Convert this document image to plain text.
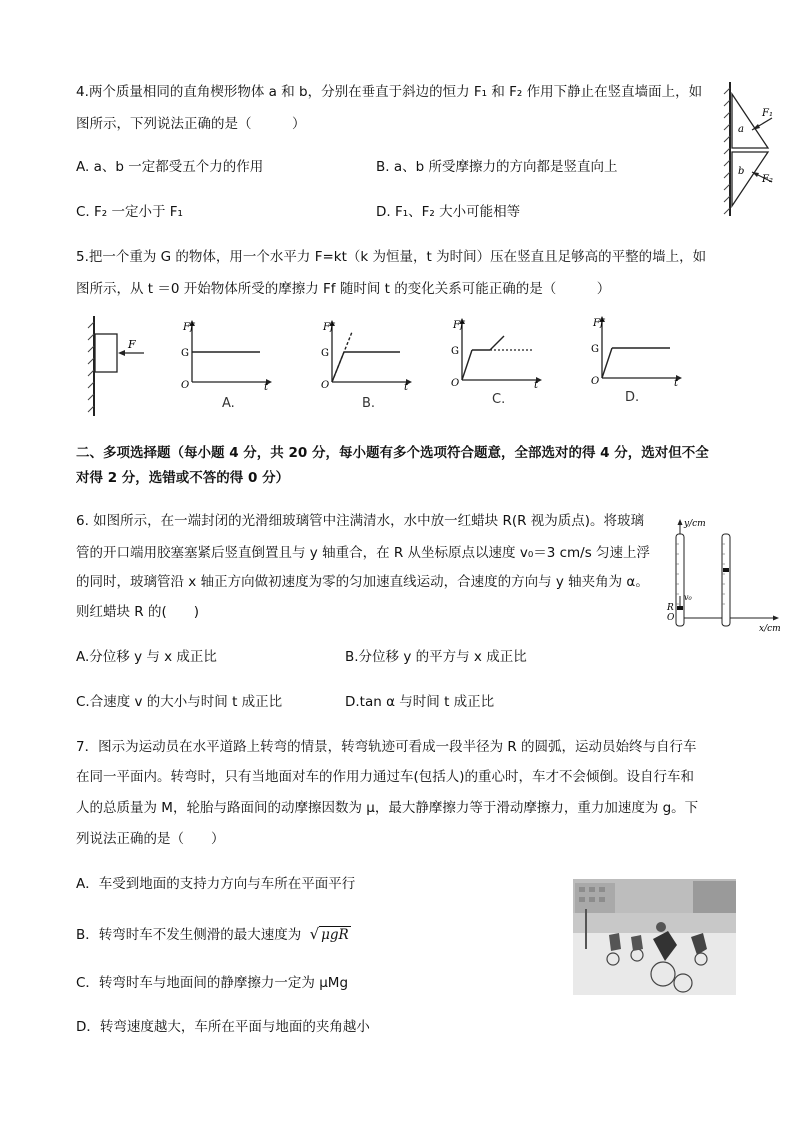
4.两个质量相同的直角楔形物体 a 和 b，分别在垂直于斜边的恒力 F₁ 和 F₂ 作用下静止在竖直墙面上，如
图所示，下列说法正确的是（　　　）
A. a、b 一定都受五个力的作用	B. a、b 所受摩擦力的方向都是竖直向上
C. F₂ 一定小于 F₁	D. F₁、F₂ 大小可能相等
a
b
F₁
F₂
5.把一个重为 G 的物体，用一个水平力 F=kt（k 为恒量，t 为时间）压在竖直且足够高的平整的墙上，如
图所示，从 t ＝0 开始物体所受的摩擦力 Ff 随时间 t 的变化关系可能正确的是（　　　）
F
Ff
G
O	t
A.
Ff
G
O	t
B.
Ff
G
O	t
C.
Ff
G
O	t
D.
二、多项选择题（每小题 4 分，共 20 分，每小题有多个选项符合题意，全部选对的得 4 分，选对但不全
对得 2 分，选错或不答的得 0 分）
6. 如图所示，在一端封闭的光滑细玻璃管中注满清水，水中放一红蜡块 R(R 视为质点)。将玻璃
管的开口端用胶塞塞紧后竖直倒置且与 y 轴重合，在 R 从坐标原点以速度 v₀＝3 cm/s 匀速上浮
的同时，玻璃管沿 x 轴正方向做初速度为零的匀加速直线运动，合速度的方向与 y 轴夹角为 α。
则红蜡块 R 的(　　)
A.分位移 y 与 x 成正比	B.分位移 y 的平方与 x 成正比
C.合速度 v 的大小与时间 t 成正比	D.tan α 与时间 t 成正比
y/cm
x/cm
R
O
v₀
7．图示为运动员在水平道路上转弯的情景，转弯轨迹可看成一段半径为 R 的圆弧，运动员始终与自行车
在同一平面内。转弯时，只有当地面对车的作用力通过车(包括人)的重心时，车才不会倾倒。设自行车和
人的总质量为 M，轮胎与路面间的动摩擦因数为 μ，最大静摩擦力等于滑动摩擦力，重力加速度为 g。下
列说法正确的是（　　）
A．车受到地面的支持力方向与车所在平面平行
B．转弯时车不发生侧滑的最大速度为 √ μgR
C．转弯时车与地面间的静摩擦力一定为 μMg
D．转弯速度越大，车所在平面与地面的夹角越小
